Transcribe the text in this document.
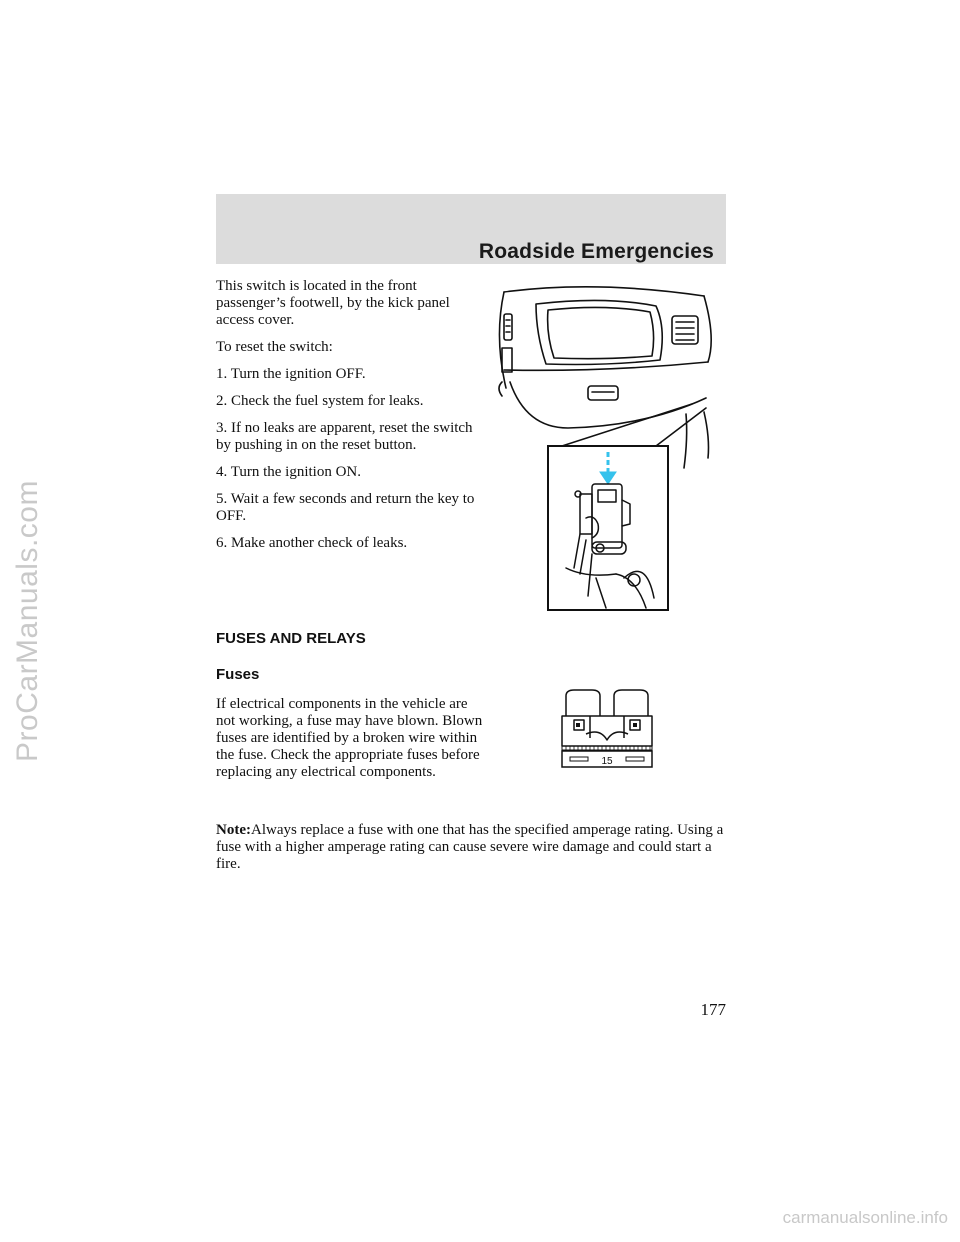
ProCarManuals.com
Roadside Emergencies

This switch is located in the front passenger’s footwell, by the kick panel access cover.

To reset the switch:

1. Turn the ignition OFF.

2. Check the fuel system for leaks.

3. If no leaks are apparent, reset the switch by pushing in on the reset button.

4. Turn the ignition ON.

5. Wait a few seconds and return the key to OFF.

6. Make another check of leaks.

FUSES AND RELAYS
Fuses
If electrical components in the vehicle are not working, a fuse may have blown. Blown fuses are identified by a broken wire within the fuse. Check the appropriate fuses before replacing any electrical components.
15
Note:Always replace a fuse with one that has the specified amperage rating. Using a fuse with a higher amperage rating can cause severe wire damage and could start a fire.
177
carmanualsonline.info
